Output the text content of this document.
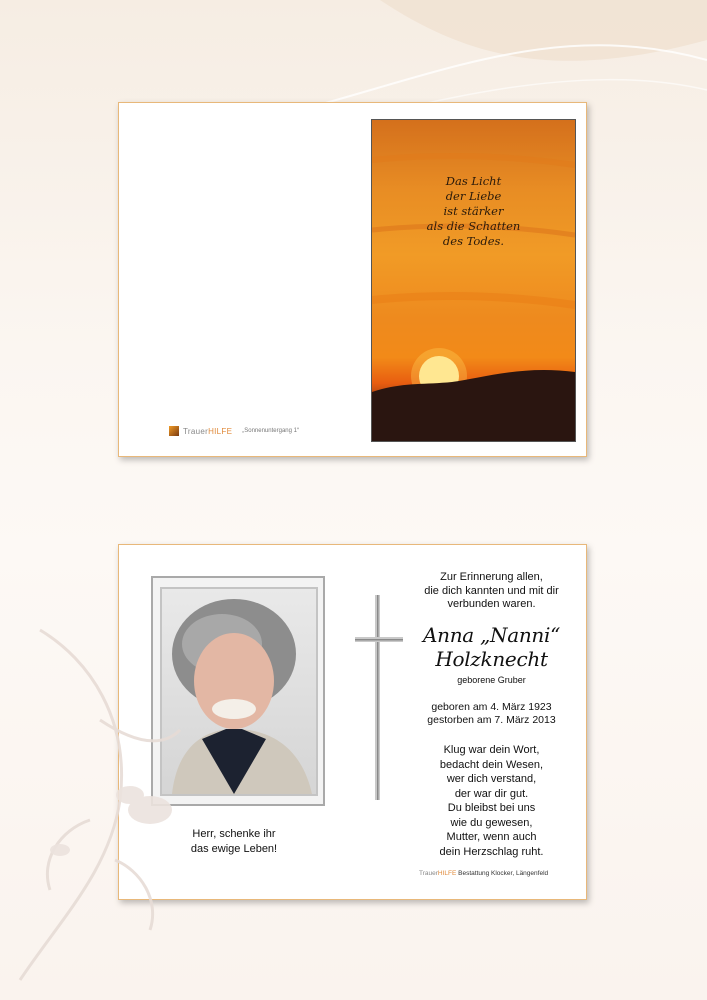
Das Licht
der Liebe
ist stärker
als die Schatten
des Todes.
TrauerHILFE „Sonnenuntergang 1“
Herr, schenke ihr
das ewige Leben!
Zur Erinnerung allen,
die dich kannten und mit dir
verbunden waren.
Anna „Nanni“
Holzknecht
geborene Gruber
geboren am 4. März 1923
gestorben am 7. März 2013
Klug war dein Wort,
bedacht dein Wesen,
wer dich verstand,
der war dir gut.
Du bleibst bei uns
wie du gewesen,
Mutter, wenn auch
dein Herzschlag ruht.
TrauerHILFE Bestattung Klocker, Längenfeld
